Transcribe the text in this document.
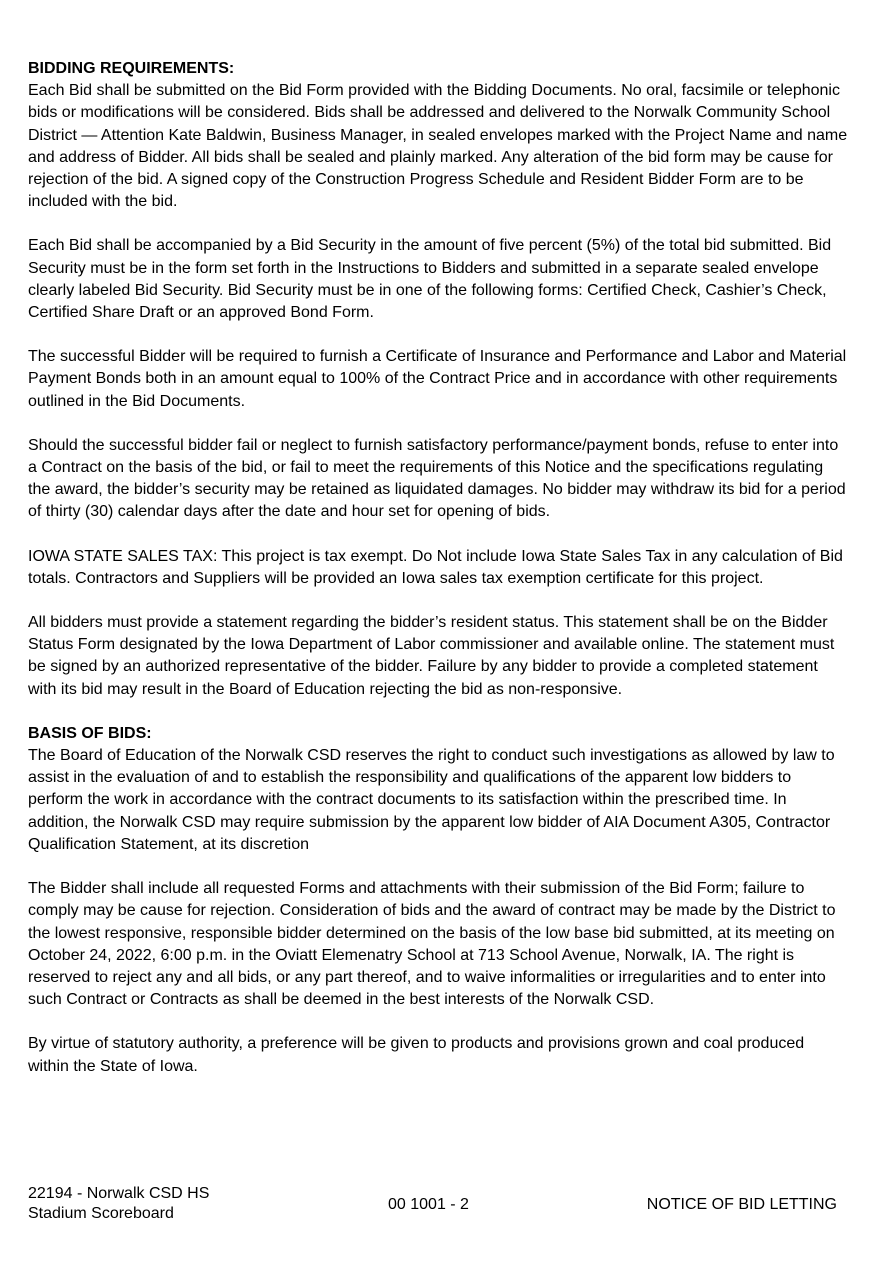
BIDDING REQUIREMENTS:

Each Bid shall be submitted on the Bid Form provided with the Bidding Documents. No oral, facsimile or telephonic bids or modifications will be considered. Bids shall be addressed and delivered to the Norwalk Community School District — Attention Kate Baldwin, Business Manager, in sealed envelopes marked with the Project Name and name and address of Bidder. All bids shall be sealed and plainly marked. Any alteration of the bid form may be cause for rejection of the bid. A signed copy of the Construction Progress Schedule and Resident Bidder Form are to be included with the bid.

Each Bid shall be accompanied by a Bid Security in the amount of five percent (5%) of the total bid submitted. Bid Security must be in the form set forth in the Instructions to Bidders and submitted in a separate sealed envelope clearly labeled Bid Security. Bid Security must be in one of the following forms: Certified Check, Cashier’s Check, Certified Share Draft or an approved Bond Form.

The successful Bidder will be required to furnish a Certificate of Insurance and Performance and Labor and Material Payment Bonds both in an amount equal to 100% of the Contract Price and in accordance with other requirements outlined in the Bid Documents.

Should the successful bidder fail or neglect to furnish satisfactory performance/payment bonds, refuse to enter into a Contract on the basis of the bid, or fail to meet the requirements of this Notice and the specifications regulating the award, the bidder’s security may be retained as liquidated damages. No bidder may withdraw its bid for a period of thirty (30) calendar days after the date and hour set for opening of bids.

IOWA STATE SALES TAX: This project is tax exempt. Do Not include Iowa State Sales Tax in any calculation of Bid totals. Contractors and Suppliers will be provided an Iowa sales tax exemption certificate for this project.

All bidders must provide a statement regarding the bidder’s resident status. This statement shall be on the Bidder Status Form designated by the Iowa Department of Labor commissioner and available online. The statement must be signed by an authorized representative of the bidder. Failure by any bidder to provide a completed statement with its bid may result in the Board of Education rejecting the bid as non-responsive.

BASIS OF BIDS:

The Board of Education of the Norwalk CSD reserves the right to conduct such investigations as allowed by law to assist in the evaluation of and to establish the responsibility and qualifications of the apparent low bidders to perform the work in accordance with the contract documents to its satisfaction within the prescribed time. In addition, the Norwalk CSD may require submission by the apparent low bidder of AIA Document A305, Contractor Qualification Statement, at its discretion

The Bidder shall include all requested Forms and attachments with their submission of the Bid Form; failure to comply may be cause for rejection. Consideration of bids and the award of contract may be made by the District to the lowest responsive, responsible bidder determined on the basis of the low base bid submitted, at its meeting on October 24, 2022, 6:00 p.m. in the Oviatt Elemenatry School at 713 School Avenue, Norwalk, IA. The right is reserved to reject any and all bids, or any part thereof, and to waive informalities or irregularities and to enter into such Contract or Contracts as shall be deemed in the best interests of the Norwalk CSD.

By virtue of statutory authority, a preference will be given to products and provisions grown and coal produced within the State of Iowa.

22194 - Norwalk CSD HS
Stadium Scoreboard
00 1001 - 2	NOTICE OF BID LETTING
